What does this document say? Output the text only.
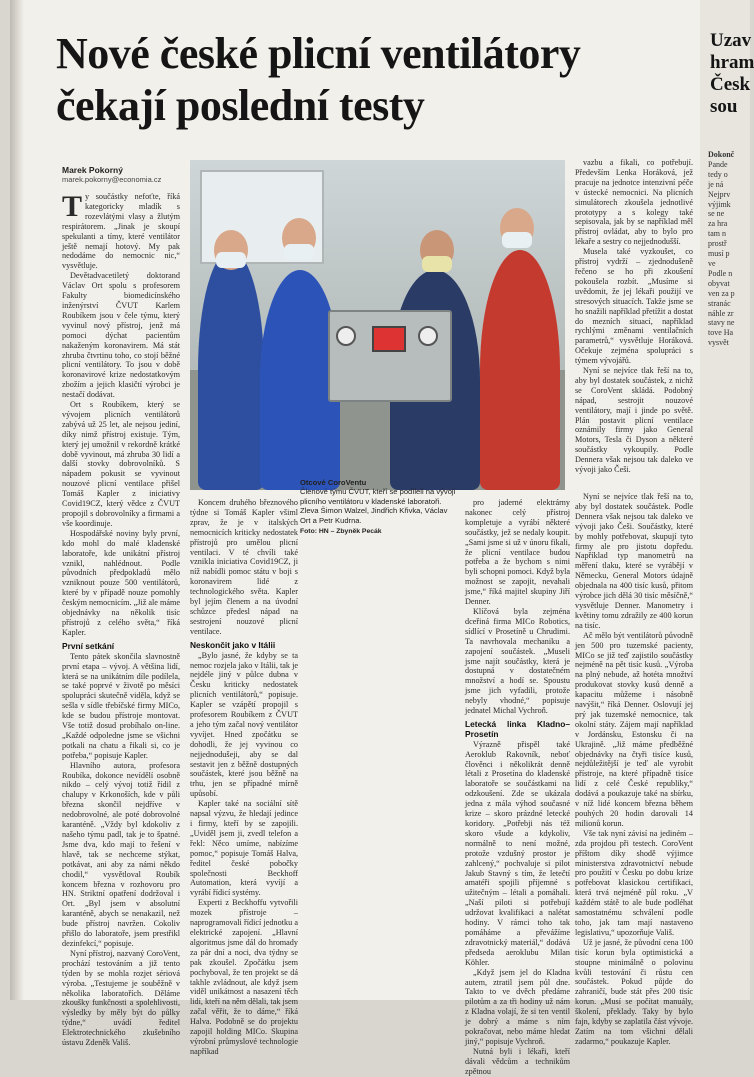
Nové české plicní ventilátory
čekají poslední testy
Marek Pokorný
marek.pokorny@economia.cz

Ty součástky nefoťte, říká kategoricky mladík s rozevlátými vlasy a žlutým respirátorem. „Jinak je skoupí spekulanti a tímy, které ventilátor ještě nemají hotový. My pak nedodáme do nemocnic nic,“ vysvětluje.

Devětadvacetiletý doktorand Václav Ort spolu s profesorem Fakulty biomedicínského inženýrství ČVUT Karlem Roubíkem jsou v čele týmu, který vyvinul nový přístroj, jenž má pomoci dýchat pacientům nakaženým koronavirem. Má stát zhruba čtvrtinu toho, co stojí běžné plicní ventilátory. To jsou v době koronavirové krize nedostatkovým zbožím a jejich klasičtí výrobci je nestačí dodávat.

Ort s Roubíkem, který se vývojem plicních ventilátorů zabývá už 25 let, ale nejsou jediní, díky nimž přístroj existuje. Tým, který jej umožnil v rekordně krátké době vyvinout, má zhruba 30 lidí a další stovky dobrovolníků. S nápadem pokusit se vyvinout nouzové plicní ventilace přišel Tomáš Kapler z iniciativy Covid19CZ, který vědce z ČVUT propojil s dobrovolníky a firmami a vše koordinuje.

Hospodářské noviny byly první, kdo mohl do malé kladenské laboratoře, kde unikátní přístroj vznikl, nahlédnout. Podle původních předpokladů mělo vzniknout pouze 500 ventilátorů, které by v případě nouze pomohly českým nemocnicím. „Již ale máme objednávky na několik tisíc přístrojů z celého světa,“ říká Kapler.

První setkání

Tento pátek skončila slavnostně první etapa – vývoj. A většina lidí, která se na unikátním díle podílela, se také poprvé v životě po měsíci spolupráci skutečně viděla, když se sešla v sídle třebíčské firmy MICo, kde se budou přístroje montovat. Vše totiž dosud probíhalo on-line. „Každé odpoledne jsme se všichni potkali na chatu a řikali si, co je potřeba,“ popisuje Kapler.

Hlavního autora, profesora Roubíka, dokonce nevídělí osobně nikdo – celý vývoj totiž řídil z chalupy v Krkonoších, kde v půli března skončil nejdříve v nedobrovolné, ale poté dobrovolné karanténě. „Vždy byl kdokoliv z našeho týmu padl, tak je to špatné. Jsme dva, kdo mají to řešení v hlavě, tak se nechceme stýkat, potkávat, ani aby za námi někdo chodil,“ vysvětloval Roubík koncem března v rozhovoru pro HN. Striktní opatření dodržoval i Ort. „Byl jsem v absolutní karanténě, abych se nenakazil, než bude přístroj navržen. Cokoliv přišlo do laboratoře, jsem prestřikl dezinfekcí,“ popisuje.

Nyní přístroj, nazvaný CoroVent, prochází testováním a již tento týden by se mohla rozjet sériová výroba. „Testujeme je souběžně v několika laboratořích. Děláme zkoušky funkčnosti a spolehlivosti, výsledky by měly být do půlky týdne,“ uvádí ředitel Elektrotechnického zkušebního ústavu Zdeněk Vališ.

Otcové CoroVentu
Členové týmu ČVUT, kteří se podíleli na vývoji plicního ventilátoru v kladenské laboratoři. Zleva Šimon Walzel, Jindřich Křivka, Václav Ort a Petr Kudrna.
Foto: HN – Zbyněk Pecák

Koncem druhého březnového týdne si Tomáš Kapler všiml zprav, že je v italských nemocnicích kriticky nedostatek přístrojů pro umělou plicní ventilaci. V té chvíli také vznikla iniciativa Covid19CZ, ji níž nabídli pomoc státu v boji s koronavirem lidé z technologického světa. Kapler byl jejím členem a na úvodní schůzce předesl nápad na sestrojení nouzové plicní ventilace.

Neskončit jako v Itálii

„Bylo jasné, že kdyby se ta nemoc rozjela jako v Itálii, tak je nejdéle jiný v půlce dubna v Česku kriticky nedostatek plicních ventilátorů,“ popisuje. Kapler se vzápětí propojil s profesorem Roubíkem z ČVUT a jeho tým začal nový ventilátor vyvíjet. Hned zpočátku se dohodli, že jej vyvinou co nejjednodušeji, aby se dal sestavit jen z běžně dostupných součástek, které jsou běžně na trhu, jen se případné mírně upůsobí.

Kapler také na sociální sítě napsal výzvu, že hledají jedince i firmy, kteří by se zapojili. „Uviděl jsem ji, zvedl telefon a řekl: Něco umíme, nabízíme pomoc,“ popisuje Tomáš Halva, ředitel české pobočky společnosti Beckhoff Automation, která vyvíjí a vyrábí řídicí systémy.

Experti z Beckhoffu vytvořili mozek přístroje – naprogramovali řídicí jednotku a elektrické zapojení. „Hlavní algoritmus jsme dál do hromady za pár dní a noci, dva týdny se pak zkoušel. Zpočátku jsem pochyboval, že ten projekt se dá takhle zvládnout, ale když jsem viděl unikátnost a nasazení těch lidí, kteří na něm dělali, tak jsem začal věřit, že to dáme,“ říká Halva. Podobně se do projektu zapojil holding MICo. Skupina výrobní průmyslové technologie napříkad

vazbu a fikali, co potřebují. Především Lenka Horáková, jež pracuje na jednotce intenzivní péče v ústecké nemocnici. Na plicních simulátorech zkoušela jednotlivé prototypy a s kolegy také sepisovala, jak by se například měl přístroj ovládat, aby to bylo pro lékaře a sestry co nejjednodušší.

Musela také vyzkoušet, co přístroj vydrží – zjednodušeně řečeno se ho při zkoušení pokoušela rozbít. „Musíme si uvědomit, že jej lékaři použijí ve stresových situacích. Takže jsme se ho snažili například přetížit a dostat do mezních situací, například rychlými změnami ventilačních parametrů,“ vysvětluje Horáková. Očekuje zejména spolupráci s týmem vývojářů.

Nyní se nejvíce tlak řeší na to, aby byl dostatek součástek, z nichž se CoroVent skládá. Podobný nápad, sestrojit nouzové ventilátory, mají i jinde po světě. Plán postavit plicní ventilace oznámily firmy jako General Motors, Tesla či Dyson a některé součástky vykoupily. Podle Dennera však nejsou tak daleko ve vývoji jako Češi.

pro jaderné elektrárny nakonec celý přístroj kompletuje a vyrábí některé součástky, jež se nedaly koupit. „Sami jsme si už v únoru fikali, že plicní ventilace budou potřeba a že bychom s nimi byli schopni pomoci. Když byla možnost se zapojit, nevahali jsme,“ říká majitel skupiny Jiří Denner.

Klíčová byla zejména dceřiná firma MICo Robotics, sídlící v Prosetíně u Chrudimi. Ta navrhovala mechaniku a zapojení součástek. „Museli jsme najít součástky, která je dostupná v dostatečném množství a hodí se. Spoustu jsme jich vyfadili, protože nebyly vhodné,“ popisuje jednatel Michal Vychroň.

Letecká linka Kladno–Prosetín

Výrazně přispěl také Aeroklub Rakovník, neboť člověnci i několikrát denně létali z Prosetína do kladenské laboratoře se součástkami na odzkoušení. Zde se ukázala jedna z mála výhod současné krize – skoro prázdné letecké koridory. „Potřebji nás též skoro všude a kdykoliv, normálně to není možné, protože vzdušný prostor je zahlcený,“ pochvaluje si pilot Jakub Stavný s tím, že letečtí amatéři spojili příjemné s užitečným – létali a pomáhali. „Naší piloti si potřebují udržovat kvalifikaci a nalétat hodiny. V rámci toho tak pomáháme a převážíme zdravotnický materiál,“ dodává předseda aeroklubu Milan Köhler.

„Když jsem jel do Kladna autem, ztratil jsem půl dne. Takto to ve dvěch předáme pilotům a za tři hodiny už nám z Kladna volají, že si ten ventil je dobrý a máme s ním pokračovat, nebo máme hledat jiný,“ popisuje Vychroň.

Nutná byli i lékaři, kteří dávali vědcům a technikům zpětnou

Nyní se nejvíce tlak řeší na to, aby byl dostatek součástek. Podle Dennera však nejsou tak daleko ve vývoji jako Češi. Součástky, které by mohly potřebovat, skupují tyto firmy ale pro jistotu dopředu. Například typ manometrů na měření tlaku, které se vyrábějí v Německu, General Motors údajně objednala na 400 tisíc kusů, přitom výrobce jich dělá 30 tisíc měsíčně,“ vysvětluje Denner. Manometry i květiny tomu zdražily ze 400 korun na tisíc.

Ač mělo být ventilátorů původně jen 500 pro tuzemské pacienty, MICo se již teď zajistilo součástky nejméně na pět tisíc kusů. „Výroba na plný nebude, až hotéta množtví produkovat stovky kusů denně a kapacitu můžeme i násobně navýšit,“ říká Denner. Oslovují jej prý jak tuzemské nemocnice, tak okolní státy. Zájem mají například v Jordánsku, Estonsku či na Ukrajině. „Již máme předběžné objednávky na čtyři tisíce kusů, nejdůležitější je teď ale vyrobit přístroje, na které případně tisíce lidí z celé České republiky,“ dodává a poukazuje také na sbírku, v níž lidé koncem března během pouhých 20 hodin darovali 14 milionů korun.

Vše tak nyní závisí na jediném – zda projdou při testech. CoroVent příštom díky shodě výjimce ministerstva zdravotnictví nebude pro použití v Česku po dobu krize potřebovat klasickou certifikaci, která trvá nejméně půl roku. „V každém státě to ale bude podléhat samostatnému schválení podle toho, jak tam mají nastaveno legislativu,“ upozorňuje Vališ.

Už je jasné, že původní cena 100 tisíc korun byla optimistická a stoupne minimálně o polovinu kvůli testování či růstu cen součástek. Pokud půjde do zahraničí, bude stát přes 200 tisíc korun. „Musí se počítat manuály, školení, překlady. Taky by bylo fajn, kdyby se zaplatila část vývoje. Zatím na tom všichni dělali zadarmo,“ poukazuje Kapler.

Uzav
hram
Česk
sou
Dokonč
Pande
tedy o
je ná
Nejprv
výjimk
se ne
za hra
tam n
prostř
musí p
ve
Podle n
obyvat
ven za p
stranác
náhle zr
stavy ne
tove Ha
vysvět
